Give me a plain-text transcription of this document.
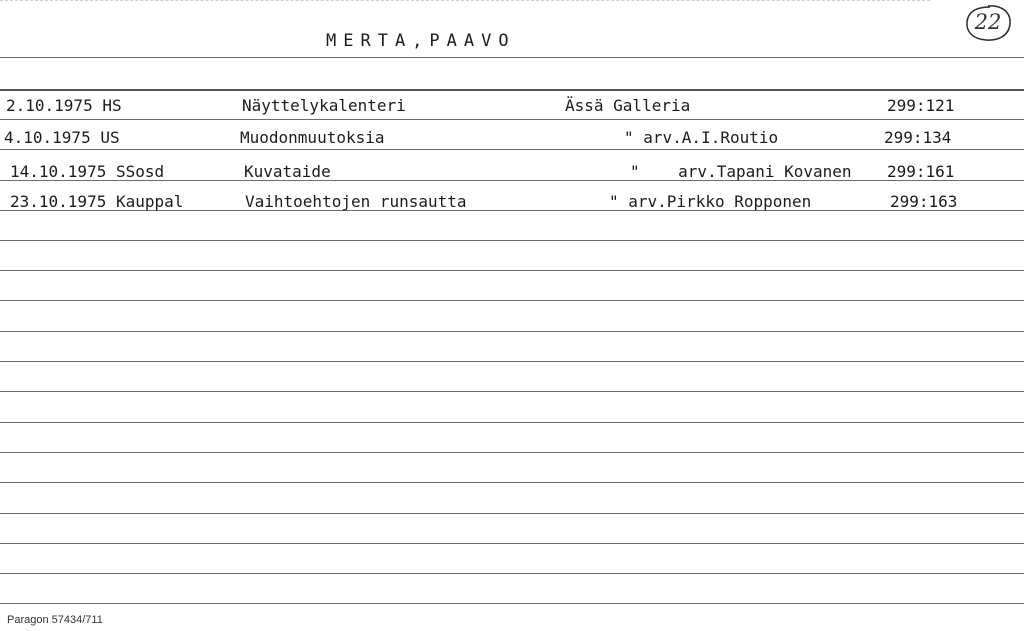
MERTA,PAAVO
22
2.10.1975 HS	Näyttelykalenteri	Ässä Galleria	299:121
4.10.1975 US	Muodonmuutoksia	" arv.A.I.Routio	299:134
14.10.1975 SSosd	Kuvataide	"    arv.Tapani Kovanen 299:161
23.10.1975 Kauppal	Vaihtoehtojen runsautta	" arv.Pirkko Ropponen	299:163
Paragon 57434/711
